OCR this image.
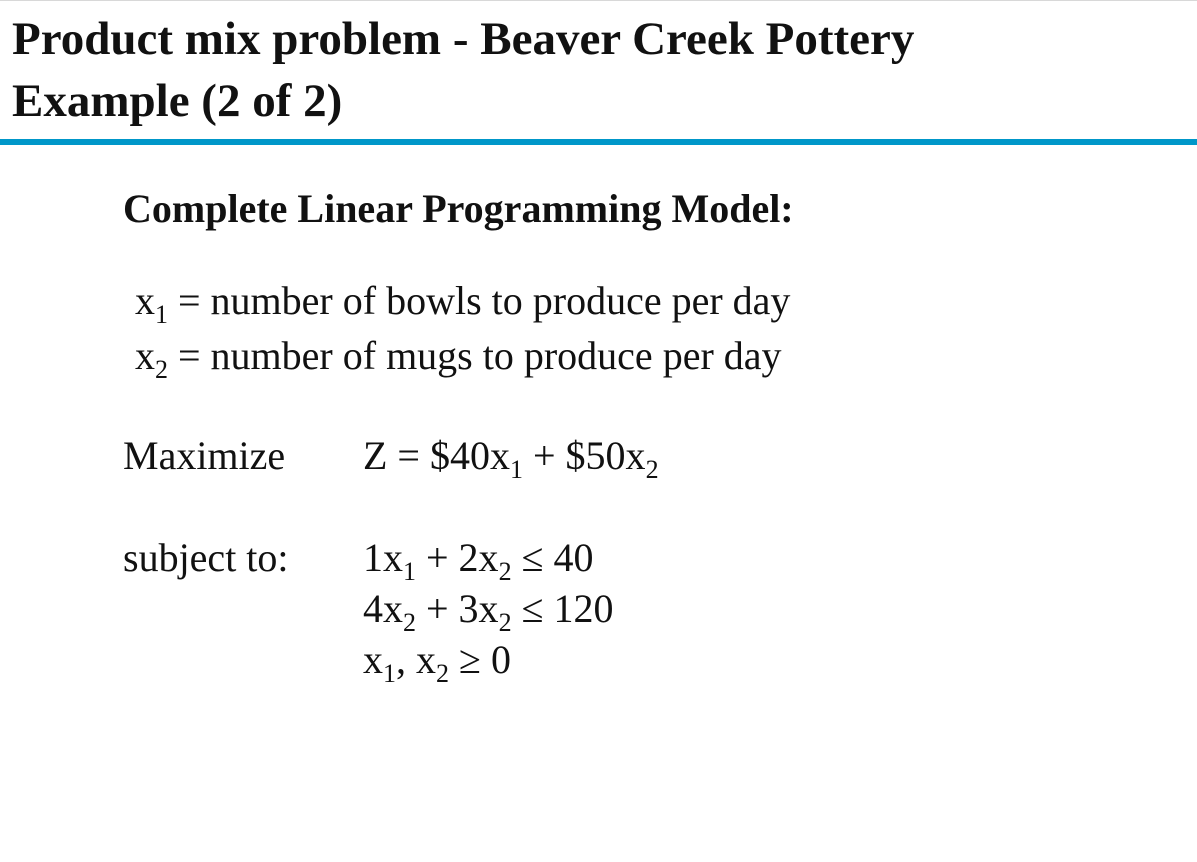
Product mix problem - Beaver Creek Pottery
Example (2 of 2)
Complete Linear Programming Model:
$x_1$ = number of bowls to produce per day
$x_2$ = number of mugs to produce per day
Maximize $Z = \$40x_1$ + $\$50x_2$
subject to: $1x_1 + 2x_2 \le 40$
$4x_2 + 3x_2 \le 120$
$x_1$, $x_2 \ge 0$
